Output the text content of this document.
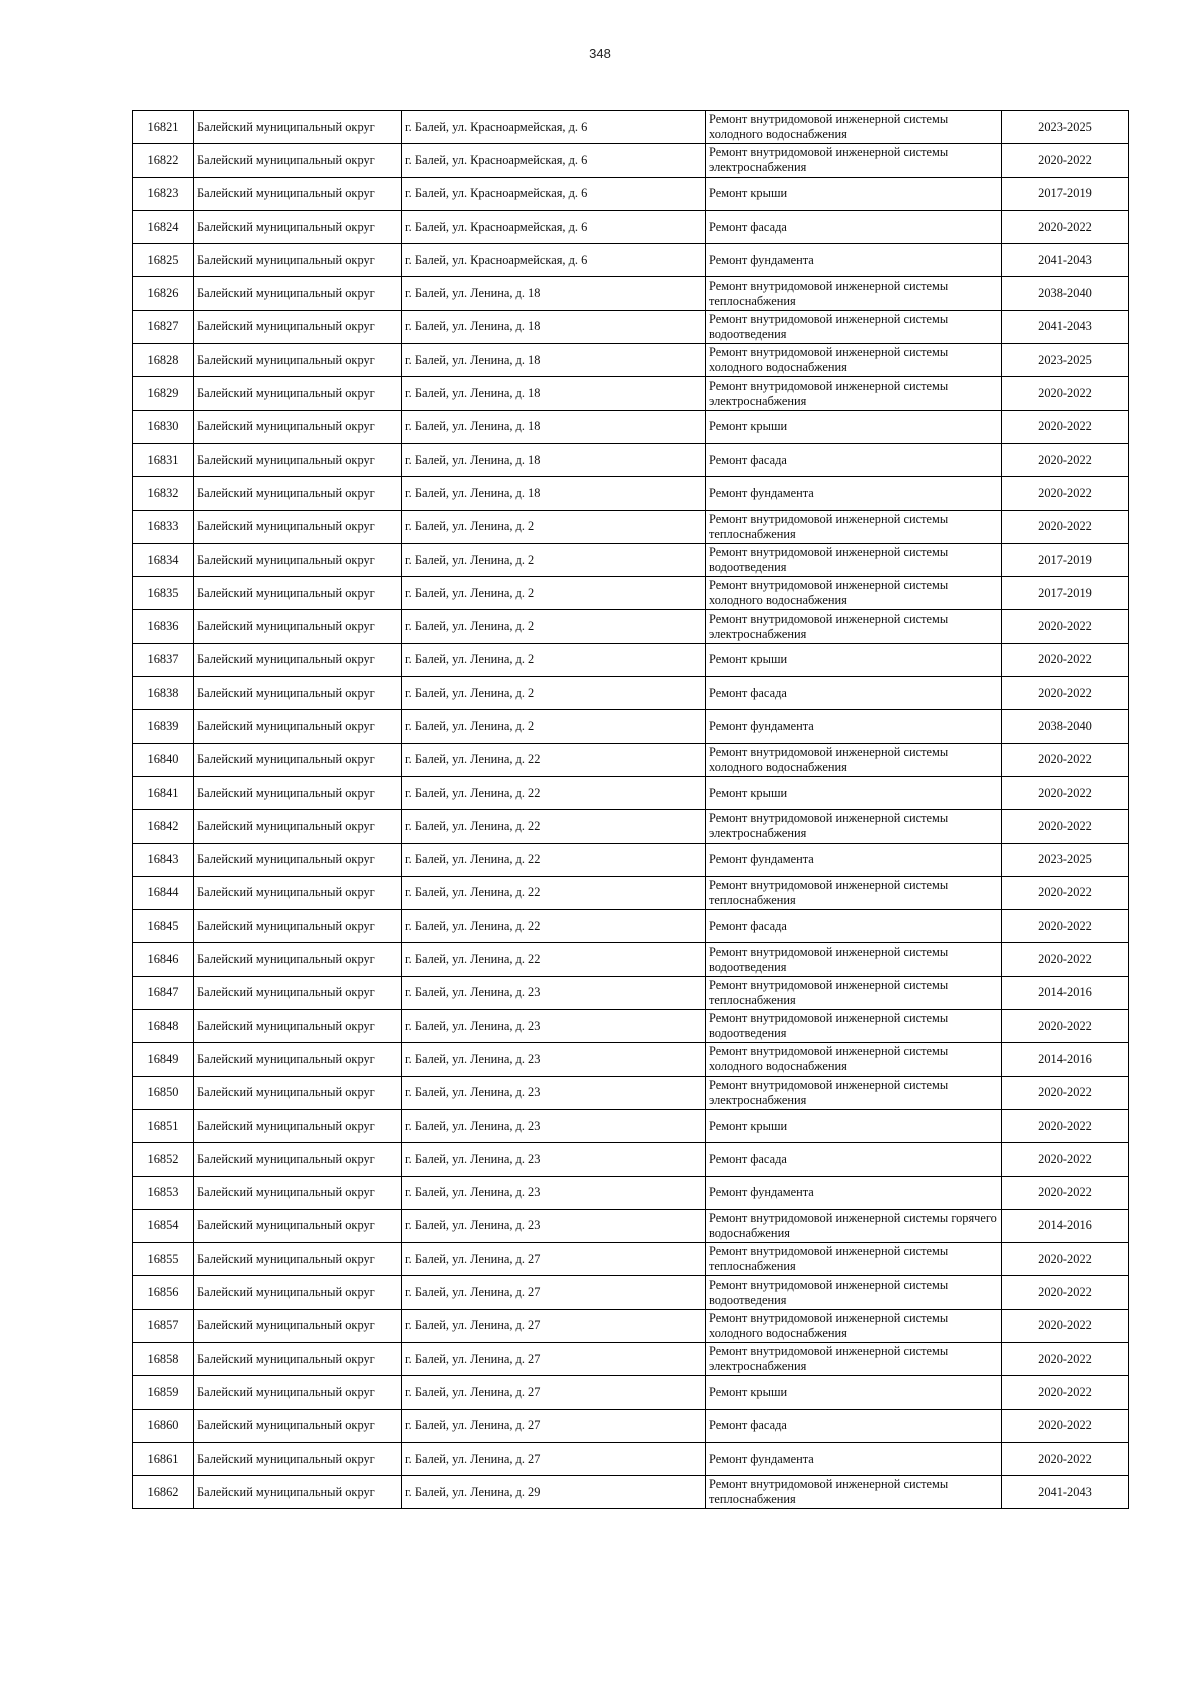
348
16821	Балейский муниципальный округ	г. Балей, ул. Красноармейская, д. 6	Ремонт внутридомовой инженерной системы холодного водоснабжения	2023-2025
16822	Балейский муниципальный округ	г. Балей, ул. Красноармейская, д. 6	Ремонт внутридомовой инженерной системы электроснабжения	2020-2022
16823	Балейский муниципальный округ	г. Балей, ул. Красноармейская, д. 6	Ремонт крыши	2017-2019
16824	Балейский муниципальный округ	г. Балей, ул. Красноармейская, д. 6	Ремонт фасада	2020-2022
16825	Балейский муниципальный округ	г. Балей, ул. Красноармейская, д. 6	Ремонт фундамента	2041-2043
16826	Балейский муниципальный округ	г. Балей, ул. Ленина, д. 18	Ремонт внутридомовой инженерной системы теплоснабжения	2038-2040
16827	Балейский муниципальный округ	г. Балей, ул. Ленина, д. 18	Ремонт внутридомовой инженерной системы водоотведения	2041-2043
16828	Балейский муниципальный округ	г. Балей, ул. Ленина, д. 18	Ремонт внутридомовой инженерной системы холодного водоснабжения	2023-2025
16829	Балейский муниципальный округ	г. Балей, ул. Ленина, д. 18	Ремонт внутридомовой инженерной системы электроснабжения	2020-2022
16830	Балейский муниципальный округ	г. Балей, ул. Ленина, д. 18	Ремонт крыши	2020-2022
16831	Балейский муниципальный округ	г. Балей, ул. Ленина, д. 18	Ремонт фасада	2020-2022
16832	Балейский муниципальный округ	г. Балей, ул. Ленина, д. 18	Ремонт фундамента	2020-2022
16833	Балейский муниципальный округ	г. Балей, ул. Ленина, д. 2	Ремонт внутридомовой инженерной системы теплоснабжения	2020-2022
16834	Балейский муниципальный округ	г. Балей, ул. Ленина, д. 2	Ремонт внутридомовой инженерной системы водоотведения	2017-2019
16835	Балейский муниципальный округ	г. Балей, ул. Ленина, д. 2	Ремонт внутридомовой инженерной системы холодного водоснабжения	2017-2019
16836	Балейский муниципальный округ	г. Балей, ул. Ленина, д. 2	Ремонт внутридомовой инженерной системы электроснабжения	2020-2022
16837	Балейский муниципальный округ	г. Балей, ул. Ленина, д. 2	Ремонт крыши	2020-2022
16838	Балейский муниципальный округ	г. Балей, ул. Ленина, д. 2	Ремонт фасада	2020-2022
16839	Балейский муниципальный округ	г. Балей, ул. Ленина, д. 2	Ремонт фундамента	2038-2040
16840	Балейский муниципальный округ	г. Балей, ул. Ленина, д. 22	Ремонт внутридомовой инженерной системы холодного водоснабжения	2020-2022
16841	Балейский муниципальный округ	г. Балей, ул. Ленина, д. 22	Ремонт крыши	2020-2022
16842	Балейский муниципальный округ	г. Балей, ул. Ленина, д. 22	Ремонт внутридомовой инженерной системы электроснабжения	2020-2022
16843	Балейский муниципальный округ	г. Балей, ул. Ленина, д. 22	Ремонт фундамента	2023-2025
16844	Балейский муниципальный округ	г. Балей, ул. Ленина, д. 22	Ремонт внутридомовой инженерной системы теплоснабжения	2020-2022
16845	Балейский муниципальный округ	г. Балей, ул. Ленина, д. 22	Ремонт фасада	2020-2022
16846	Балейский муниципальный округ	г. Балей, ул. Ленина, д. 22	Ремонт внутридомовой инженерной системы водоотведения	2020-2022
16847	Балейский муниципальный округ	г. Балей, ул. Ленина, д. 23	Ремонт внутридомовой инженерной системы теплоснабжения	2014-2016
16848	Балейский муниципальный округ	г. Балей, ул. Ленина, д. 23	Ремонт внутридомовой инженерной системы водоотведения	2020-2022
16849	Балейский муниципальный округ	г. Балей, ул. Ленина, д. 23	Ремонт внутридомовой инженерной системы холодного водоснабжения	2014-2016
16850	Балейский муниципальный округ	г. Балей, ул. Ленина, д. 23	Ремонт внутридомовой инженерной системы электроснабжения	2020-2022
16851	Балейский муниципальный округ	г. Балей, ул. Ленина, д. 23	Ремонт крыши	2020-2022
16852	Балейский муниципальный округ	г. Балей, ул. Ленина, д. 23	Ремонт фасада	2020-2022
16853	Балейский муниципальный округ	г. Балей, ул. Ленина, д. 23	Ремонт фундамента	2020-2022
16854	Балейский муниципальный округ	г. Балей, ул. Ленина, д. 23	Ремонт внутридомовой инженерной системы горячего водоснабжения	2014-2016
16855	Балейский муниципальный округ	г. Балей, ул. Ленина, д. 27	Ремонт внутридомовой инженерной системы теплоснабжения	2020-2022
16856	Балейский муниципальный округ	г. Балей, ул. Ленина, д. 27	Ремонт внутридомовой инженерной системы водоотведения	2020-2022
16857	Балейский муниципальный округ	г. Балей, ул. Ленина, д. 27	Ремонт внутридомовой инженерной системы холодного водоснабжения	2020-2022
16858	Балейский муниципальный округ	г. Балей, ул. Ленина, д. 27	Ремонт внутридомовой инженерной системы электроснабжения	2020-2022
16859	Балейский муниципальный округ	г. Балей, ул. Ленина, д. 27	Ремонт крыши	2020-2022
16860	Балейский муниципальный округ	г. Балей, ул. Ленина, д. 27	Ремонт фасада	2020-2022
16861	Балейский муниципальный округ	г. Балей, ул. Ленина, д. 27	Ремонт фундамента	2020-2022
16862	Балейский муниципальный округ	г. Балей, ул. Ленина, д. 29	Ремонт внутридомовой инженерной системы теплоснабжения	2041-2043
